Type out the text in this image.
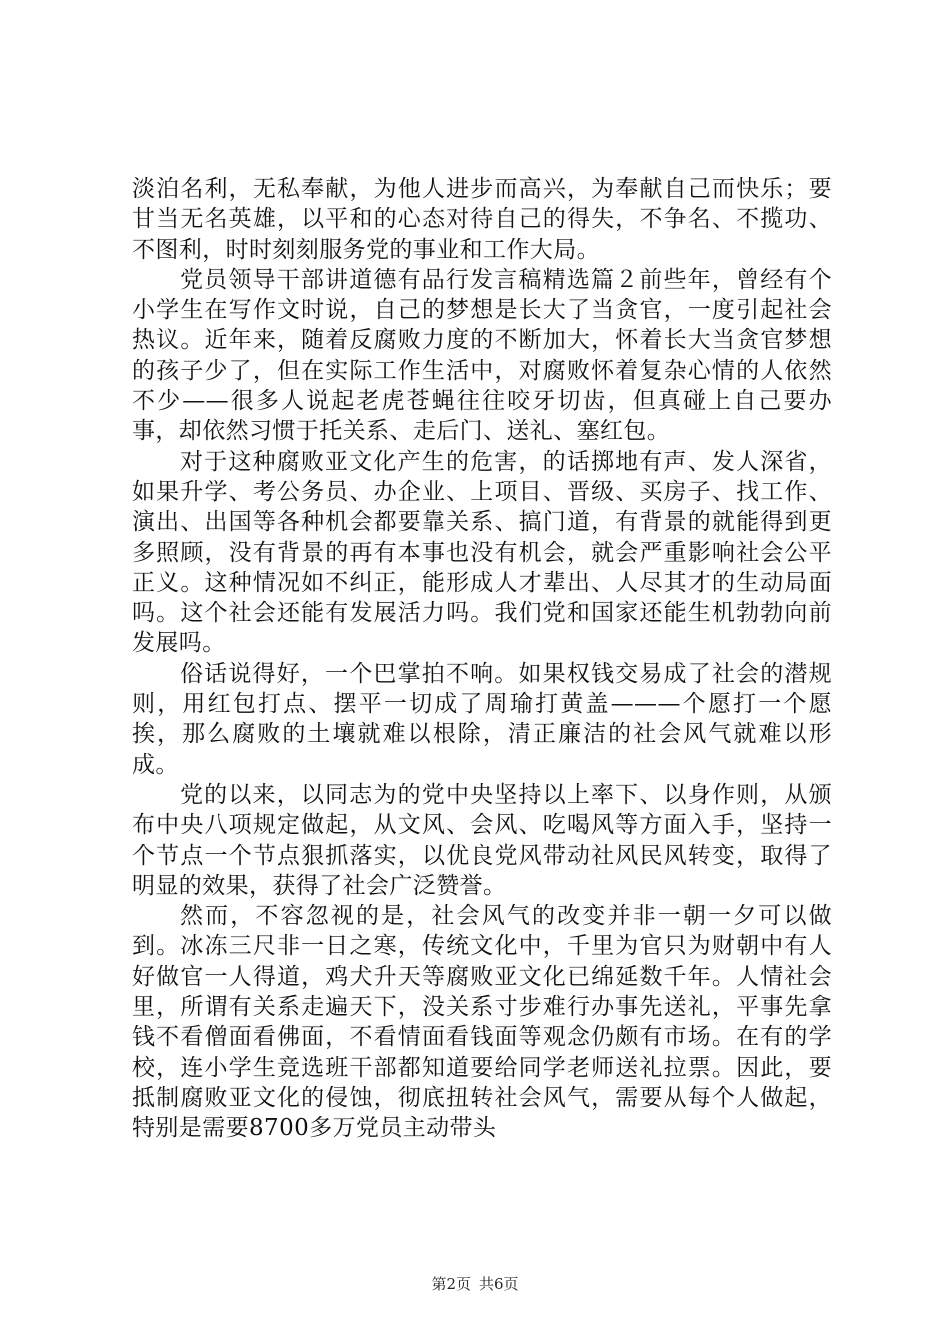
淡泊名利，无私奉献，为他人进步而高兴，为奉献自己而快乐；要甘当无名英雄，以平和的心态对待自己的得失，不争名、不揽功、不图利，时时刻刻服务党的事业和工作大局。

党员领导干部讲道德有品行发言稿精选篇２前些年，曾经有个小学生在写作文时说，自己的梦想是长大了当贪官，一度引起社会热议。近年来，随着反腐败力度的不断加大，怀着长大当贪官梦想的孩子少了，但在实际工作生活中，对腐败怀着复杂心情的人依然不少——很多人说起老虎苍蝇往往咬牙切齿，但真碰上自己要办事，却依然习惯于托关系、走后门、送礼、塞红包。

对于这种腐败亚文化产生的危害，的话掷地有声、发人深省，如果升学、考公务员、办企业、上项目、晋级、买房子、找工作、演出、出国等各种机会都要靠关系、搞门道，有背景的就能得到更多照顾，没有背景的再有本事也没有机会，就会严重影响社会公平正义。这种情况如不纠正，能形成人才辈出、人尽其才的生动局面吗。这个社会还能有发展活力吗。我们党和国家还能生机勃勃向前发展吗。

俗话说得好，一个巴掌拍不响。如果权钱交易成了社会的潜规则，用红包打点、摆平一切成了周瑜打黄盖———个愿打一个愿挨，那么腐败的土壤就难以根除，清正廉洁的社会风气就难以形成。

党的以来，以同志为的党中央坚持以上率下、以身作则，从颁布中央八项规定做起，从文风、会风、吃喝风等方面入手，坚持一个节点一个节点狠抓落实，以优良党风带动社风民风转变，取得了明显的效果，获得了社会广泛赞誉。

然而，不容忽视的是，社会风气的改变并非一朝一夕可以做到。冰冻三尺非一日之寒，传统文化中，千里为官只为财朝中有人好做官一人得道，鸡犬升天等腐败亚文化已绵延数千年。人情社会里，所谓有关系走遍天下，没关系寸步难行办事先送礼，平事先拿钱不看僧面看佛面，不看情面看钱面等观念仍颇有市场。在有的学校，连小学生竞选班干部都知道要给同学老师送礼拉票。因此，要抵制腐败亚文化的侵蚀，彻底扭转社会风气，需要从每个人做起，特别是需要8700多万党员主动带头

第2页 共6页
